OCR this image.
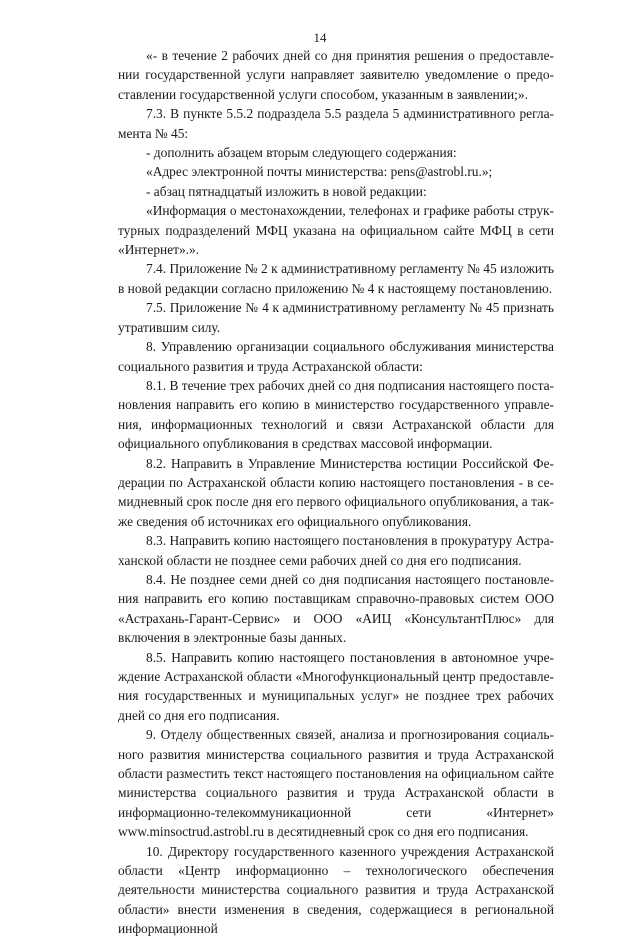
14

«- в течение 2 рабочих дней со дня принятия решения о предоставлении государственной услуги направляет заявителю уведомление о предоставлении государственной услуги способом, указанным в заявлении;».

7.3. В пункте 5.5.2 подраздела 5.5 раздела 5 административного регламента № 45:

- дополнить абзацем вторым следующего содержания:

«Адрес электронной почты министерства: pens@astrobl.ru.»;

- абзац пятнадцатый изложить в новой редакции:

«Информация о местонахождении, телефонах и графике работы структурных подразделений МФЦ указана на официальном сайте МФЦ в сети «Интернет».».

7.4. Приложение № 2 к административному регламенту № 45 изложить в новой редакции согласно приложению № 4 к настоящему постановлению.

7.5. Приложение № 4 к административному регламенту № 45 признать утратившим силу.

8. Управлению организации социального обслуживания министерства социального развития и труда Астраханской области:

8.1. В течение трех рабочих дней со дня подписания настоящего постановления направить его копию в министерство государственного управления, информационных технологий и связи Астраханской области для официального опубликования в средствах массовой информации.

8.2. Направить в Управление Министерства юстиции Российской Федерации по Астраханской области копию настоящего постановления - в семидневный срок после дня его первого официального опубликования, а также сведения об источниках его официального опубликования.

8.3. Направить копию настоящего постановления в прокуратуру Астраханской области не позднее семи рабочих дней со дня его подписания.

8.4. Не позднее семи дней со дня подписания настоящего постановления направить его копию поставщикам справочно-правовых систем ООО «Астрахань-Гарант-Сервис» и ООО «АИЦ «КонсультантПлюс» для включения в электронные базы данных.

8.5. Направить копию настоящего постановления в автономное учреждение Астраханской области «Многофункциональный центр предоставления государственных и муниципальных услуг» не позднее трех рабочих дней со дня его подписания.

9. Отделу общественных связей, анализа и прогнозирования социального развития министерства социального развития и труда Астраханской области разместить текст настоящего постановления на официальном сайте министерства социального развития и труда Астраханской области в информационно-телекоммуникационной сети «Интернет» www.minsoctrud.astrobl.ru в десятидневный срок со дня его подписания.

10. Директору государственного казенного учреждения Астраханской области «Центр информационно – технологического обеспечения деятельности министерства социального развития и труда Астраханской области» внести изменения в сведения, содержащиеся в региональной информационной
